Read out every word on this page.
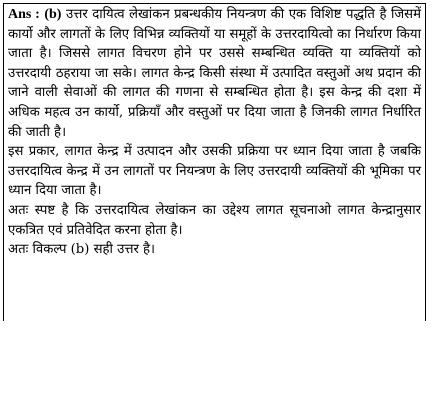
Ans : (b) उत्तर दायित्व लेखांकन प्रबन्धकीय नियन्त्रण की एक विशिष्ट पद्धति है जिसमें कार्यो और लागतों के लिए विभिन्न व्यक्तियों या समूहों के उत्तरदायित्वो का निर्धारण किया जाता है। जिससे लागत विचरण होने पर उससे सम्बन्धित व्यक्ति या व्यक्तियों को उत्तरदायी ठहराया जा सके। लागत केन्द्र किसी संस्था में उत्पादित वस्तुओं अथ प्रदान की जाने वाली सेवाओं की लागत की गणना से सम्बन्धित होता है। इस केन्द्र की दशा में अधिक महत्व उन कार्यो, प्रक्रियाँ और वस्तुओं पर दिया जाता है जिनकी लागत निर्धारित की जाती है।

इस प्रकार, लागत केन्द्र में उत्पादन और उसकी प्रक्रिया पर ध्यान दिया जाता है जबकि उत्तरदायित्व केन्द्र में उन लागतों पर नियन्त्रण के लिए उत्तरदायी व्यक्तियों की भूमिका पर ध्यान दिया जाता है।

अतः स्पष्ट है कि उत्तरदायित्व लेखांकन का उद्देश्य लागत सूचनाओ लागत केन्द्रानुसार एकत्रित एवं प्रतिवेदित करना होता है।

अतः विकल्प (b) सही उत्तर है।
